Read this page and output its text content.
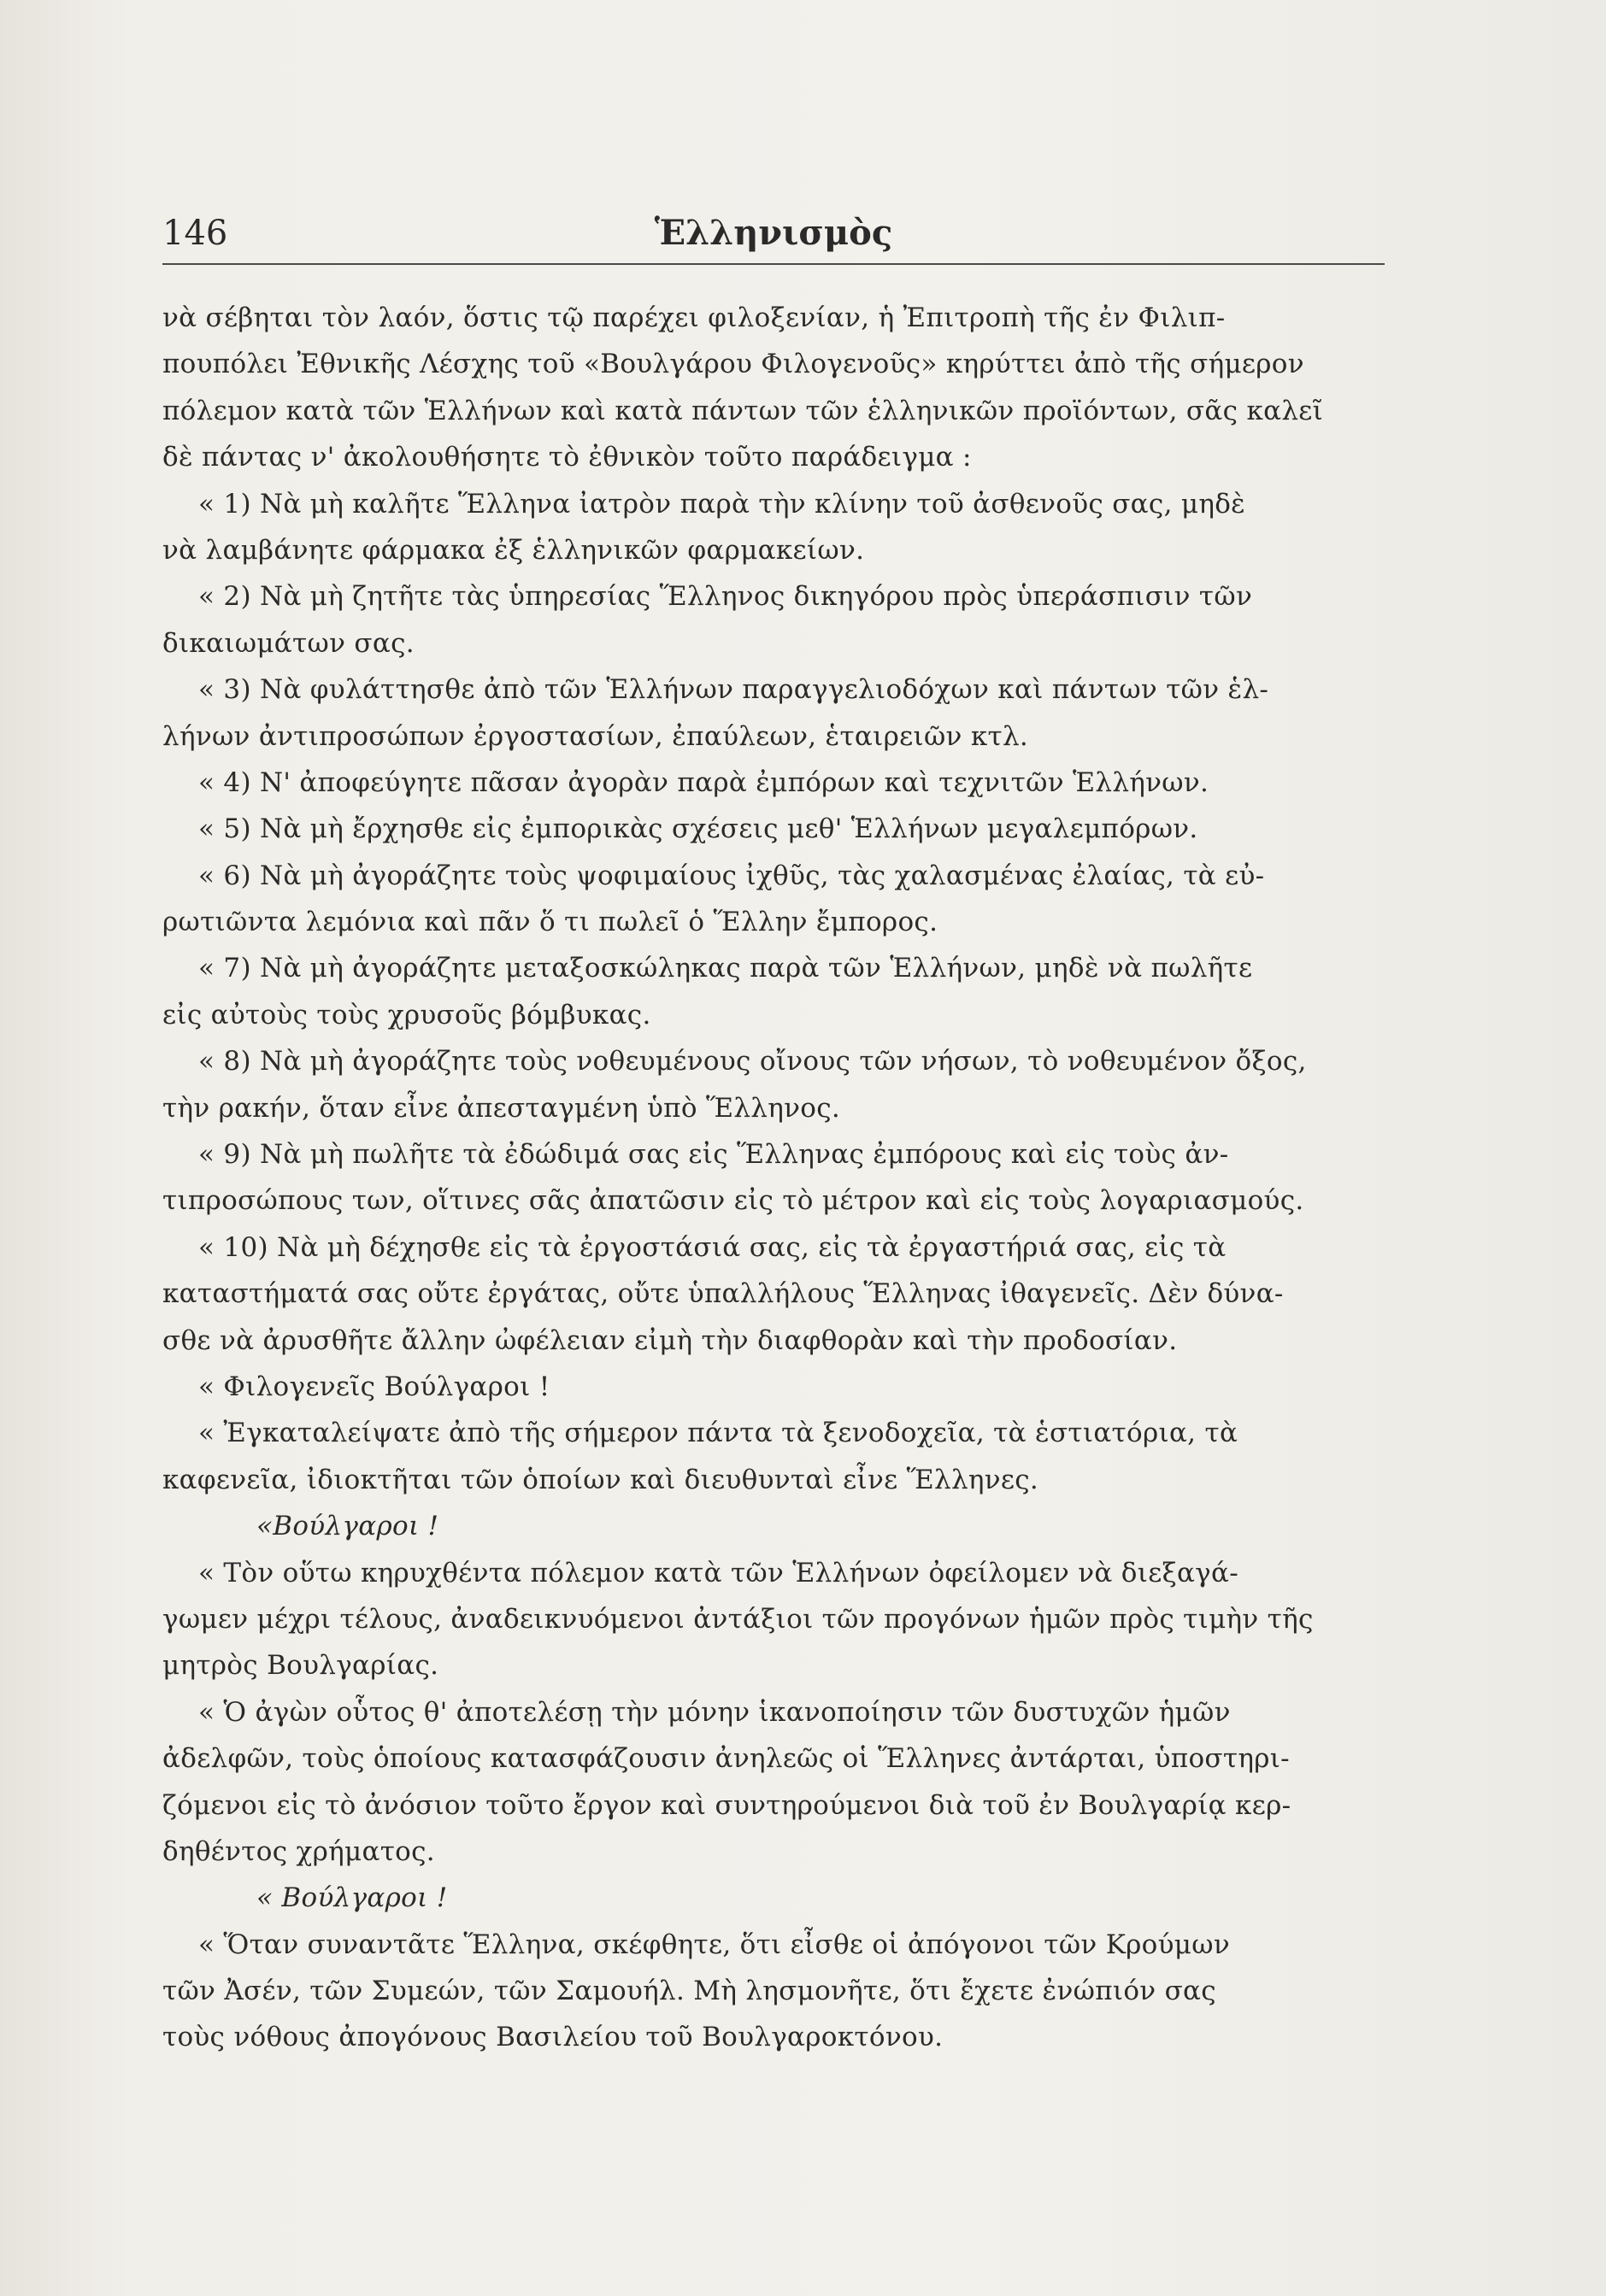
146	Ἑλληνισμὸς
νὰ σέβηται τὸν λαόν, ὅστις τῷ παρέχει φιλοξενίαν, ἡ Ἐπιτροπὴ τῆς ἐν Φιλιπ-
πουπόλει Ἐθνικῆς Λέσχης τοῦ «Βουλγάρου Φιλογενοῦς» κηρύττει ἀπὸ τῆς σήμερον
πόλεμον κατὰ τῶν Ἑλλήνων καὶ κατὰ πάντων τῶν ἑλληνικῶν προϊόντων, σᾶς καλεῖ
δὲ πάντας ν' ἀκολουθήσητε τὸ ἐθνικὸν τοῦτο παράδειγμα :
« 1) Νὰ μὴ καλῆτε Ἕλληνα ἰατρὸν παρὰ τὴν κλίνην τοῦ ἀσθενοῦς σας, μηδὲ
νὰ λαμβάνητε φάρμακα ἐξ ἑλληνικῶν φαρμακείων.
« 2) Νὰ μὴ ζητῆτε τὰς ὑπηρεσίας Ἕλληνος δικηγόρου πρὸς ὑπεράσπισιν τῶν
δικαιωμάτων σας.
« 3) Νὰ φυλάττησθε ἀπὸ τῶν Ἑλλήνων παραγγελιοδόχων καὶ πάντων τῶν ἑλ-
λήνων ἀντιπροσώπων ἐργοστασίων, ἐπαύλεων, ἑταιρειῶν κτλ.
« 4) Ν' ἀποφεύγητε πᾶσαν ἀγορὰν παρὰ ἐμπόρων καὶ τεχνιτῶν Ἑλλήνων.
« 5) Νὰ μὴ ἔρχησθε εἰς ἐμπορικὰς σχέσεις μεθ' Ἑλλήνων μεγαλεμπόρων.
« 6) Νὰ μὴ ἀγοράζητε τοὺς ψοφιμαίους ἰχθῦς, τὰς χαλασμένας ἐλαίας, τὰ εὐ-
ρωτιῶντα λεμόνια καὶ πᾶν ὅ τι πωλεῖ ὁ Ἕλλην ἔμπορος.
« 7) Νὰ μὴ ἀγοράζητε μεταξοσκώληκας παρὰ τῶν Ἑλλήνων, μηδὲ νὰ πωλῆτε
εἰς αὐτοὺς τοὺς χρυσοῦς βόμβυκας.
« 8) Νὰ μὴ ἀγοράζητε τοὺς νοθευμένους οἴνους τῶν νήσων, τὸ νοθευμένον ὄξος,
τὴν ρακήν, ὅταν εἶνε ἀπεσταγμένη ὑπὸ Ἕλληνος.
« 9) Νὰ μὴ πωλῆτε τὰ ἐδώδιμά σας εἰς Ἕλληνας ἐμπόρους καὶ εἰς τοὺς ἀν-
τιπροσώπους των, οἵτινες σᾶς ἀπατῶσιν εἰς τὸ μέτρον καὶ εἰς τοὺς λογαριασμούς.
« 10) Νὰ μὴ δέχησθε εἰς τὰ ἐργοστάσιά σας, εἰς τὰ ἐργαστήριά σας, εἰς τὰ
καταστήματά σας οὔτε ἐργάτας, οὔτε ὑπαλλήλους Ἕλληνας ἰθαγενεῖς. Δὲν δύνα-
σθε νὰ ἀρυσθῆτε ἄλλην ὠφέλειαν εἰμὴ τὴν διαφθορὰν καὶ τὴν προδοσίαν.
« Φιλογενεῖς Βούλγαροι !
« Ἐγκαταλείψατε ἀπὸ τῆς σήμερον πάντα τὰ ξενοδοχεῖα, τὰ ἑστιατόρια, τὰ
καφενεῖα, ἰδιοκτῆται τῶν ὁποίων καὶ διευθυνταὶ εἶνε Ἕλληνες.
«Βούλγαροι !
« Τὸν οὕτω κηρυχθέντα πόλεμον κατὰ τῶν Ἑλλήνων ὀφείλομεν νὰ διεξαγά-
γωμεν μέχρι τέλους, ἀναδεικνυόμενοι ἀντάξιοι τῶν προγόνων ἡμῶν πρὸς τιμὴν τῆς
μητρὸς Βουλγαρίας.
« Ὁ ἀγὼν οὗτος θ' ἀποτελέσῃ τὴν μόνην ἱκανοποίησιν τῶν δυστυχῶν ἡμῶν
ἀδελφῶν, τοὺς ὁποίους κατασφάζουσιν ἀνηλεῶς οἱ Ἕλληνες ἀντάρται, ὑποστηρι-
ζόμενοι εἰς τὸ ἀνόσιον τοῦτο ἔργον καὶ συντηρούμενοι διὰ τοῦ ἐν Βουλγαρίᾳ κερ-
δηθέντος χρήματος.
« Βούλγαροι !
« Ὅταν συναντᾶτε Ἕλληνα, σκέφθητε, ὅτι εἶσθε οἱ ἀπόγονοι τῶν Κρούμων
τῶν Ἀσέν, τῶν Συμεών, τῶν Σαμουήλ. Μὴ λησμονῆτε, ὅτι ἔχετε ἐνώπιόν σας
τοὺς νόθους ἀπογόνους Βασιλείου τοῦ Βουλγαροκτόνου.
